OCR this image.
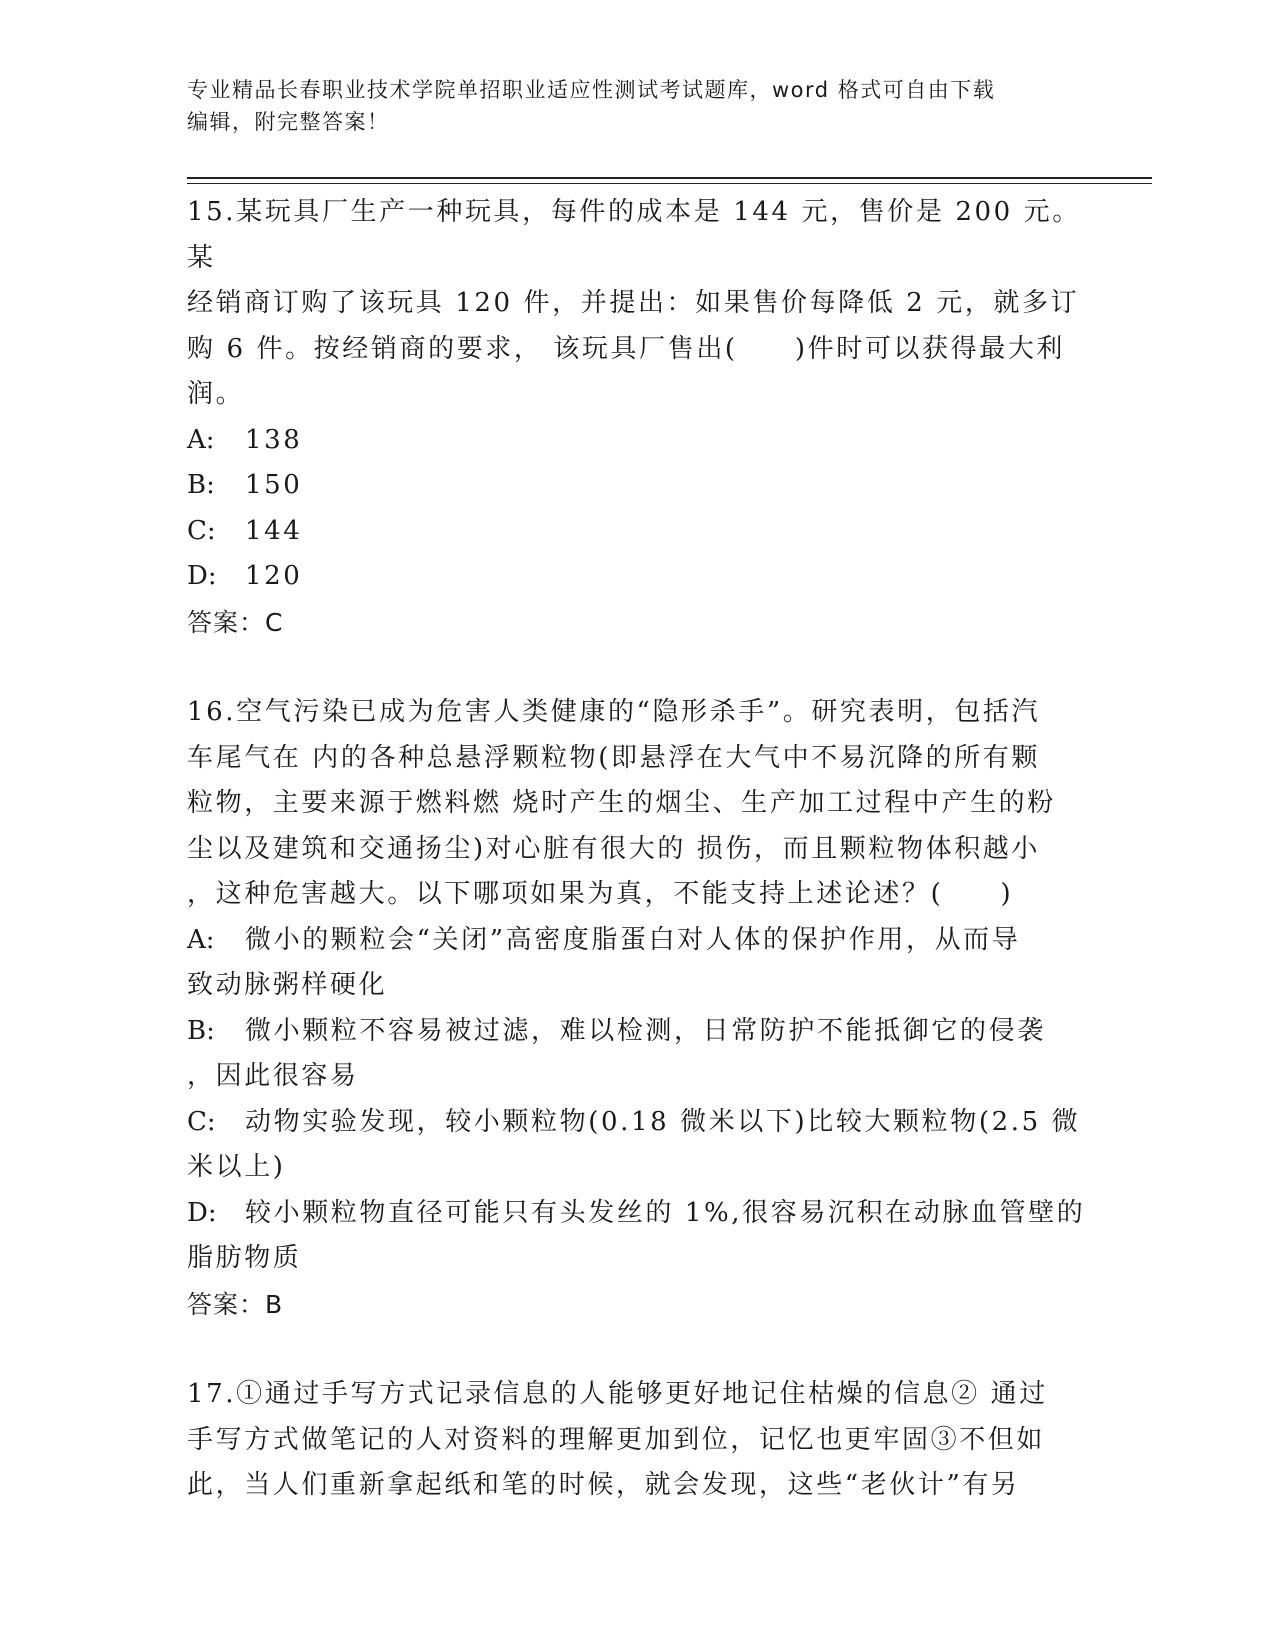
专业精品长春职业技术学院单招职业适应性测试考试题库，word 格式可自由下载
编辑，附完整答案！
15.某玩具厂生产一种玩具，每件的成本是 144 元，售价是 200 元。某
经销商订购了该玩具 120 件，并提出：如果售价每降低 2 元，就多订
购 6 件。按经销商的要求， 该玩具厂售出(　　)件时可以获得最大利
润。
A: 138
B: 150
C: 144
D: 120
答案：C
16.空气污染已成为危害人类健康的“隐形杀手”。研究表明，包括汽
车尾气在 内的各种总悬浮颗粒物(即悬浮在大气中不易沉降的所有颗
粒物，主要来源于燃料燃 烧时产生的烟尘、生产加工过程中产生的粉
尘以及建筑和交通扬尘)对心脏有很大的 损伤，而且颗粒物体积越小
，这种危害越大。以下哪项如果为真，不能支持上述论述？(　　)
A: 微小的颗粒会“关闭”高密度脂蛋白对人体的保护作用，从而导
致动脉粥样硬化
B: 微小颗粒不容易被过滤，难以检测，日常防护不能抵御它的侵袭
，因此很容易
C: 动物实验发现，较小颗粒物(0.18 微米以下)比较大颗粒物(2.5 微
米以上)
D: 较小颗粒物直径可能只有头发丝的 1%,很容易沉积在动脉血管壁的
脂肪物质
答案：B
17.①通过手写方式记录信息的人能够更好地记住枯燥的信息② 通过
手写方式做笔记的人对资料的理解更加到位，记忆也更牢固③不但如
此，当人们重新拿起纸和笔的时候，就会发现，这些“老伙计”有另
